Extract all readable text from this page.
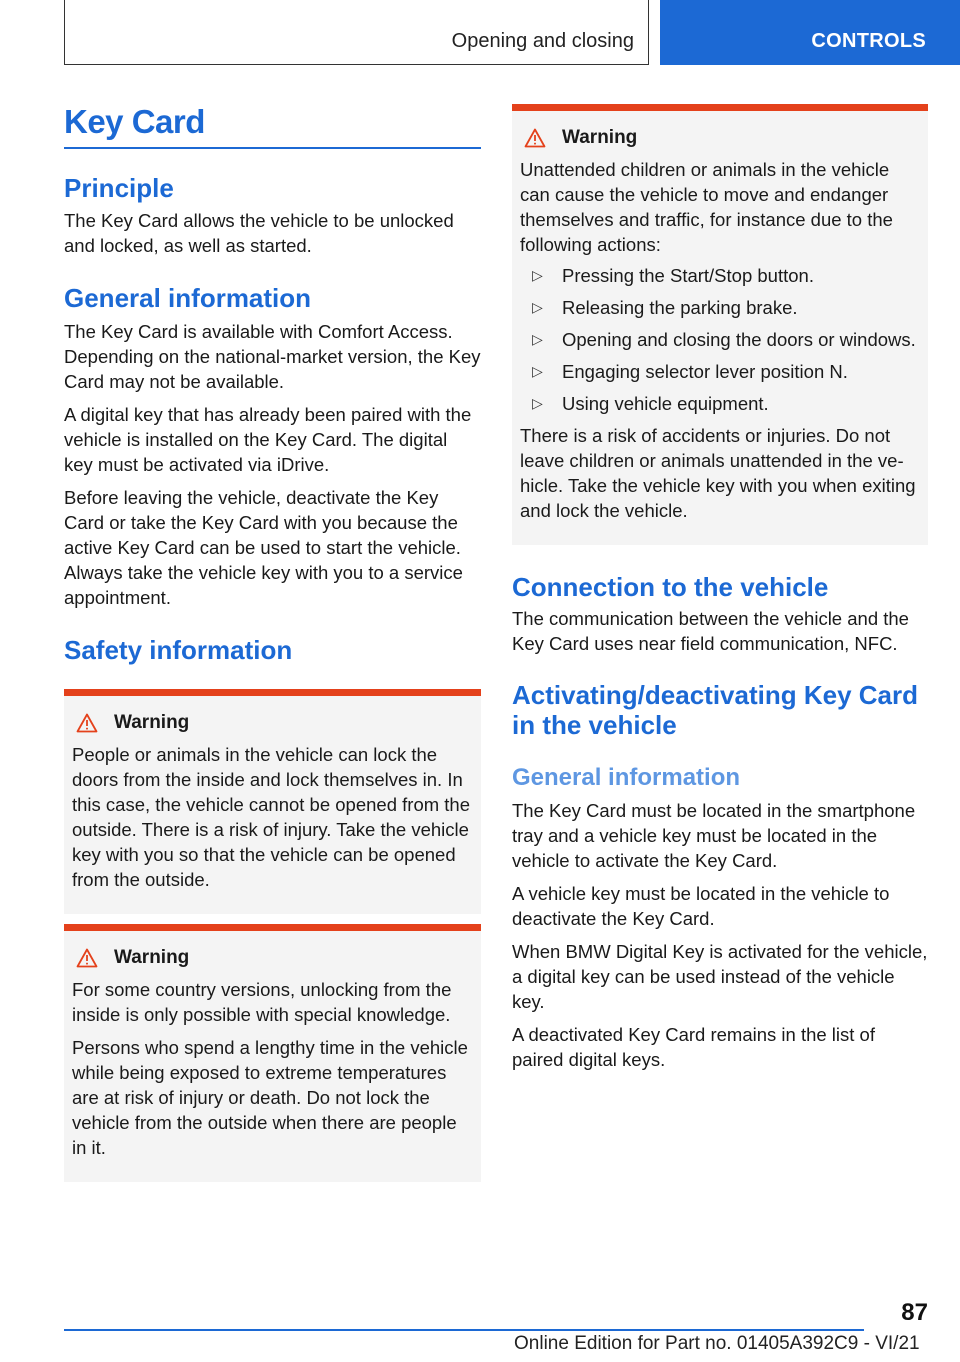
Opening and closing	CONTROLS
Key Card
Principle

The Key Card allows the vehicle to be unlocked and locked, as well as started.

General information

The Key Card is available with Comfort Access. Depending on the national-market version, the Key Card may not be available.

A digital key that has already been paired with the vehicle is installed on the Key Card. The digital key must be activated via iDrive.

Before leaving the vehicle, deactivate the Key Card or take the Key Card with you because the active Key Card can be used to start the vehicle. Always take the vehicle key with you to a service appointment.

Safety information
Warning

People or animals in the vehicle can lock the doors from the inside and lock themselves in. In this case, the vehicle cannot be opened from the outside. There is a risk of injury. Take the vehicle key with you so that the vehicle can be opened from the outside.

Warning

For some country versions, unlocking from the inside is only possible with special knowledge.

Persons who spend a lengthy time in the vehicle while being exposed to extreme temperatures are at risk of injury or death. Do not lock the vehicle from the outside when there are people in it.

Warning

Unattended children or animals in the vehicle can cause the vehicle to move and endanger themselves and traffic, for instance due to the following actions:

▷ Pressing the Start/Stop button.
▷ Releasing the parking brake.
▷ Opening and closing the doors or windows.
▷ Engaging selector lever position N.
▷ Using vehicle equipment.

There is a risk of accidents or injuries. Do not leave children or animals unattended in the vehicle. Take the vehicle key with you when exiting and lock the vehicle.

Connection to the vehicle

The communication between the vehicle and the Key Card uses near field communication, NFC.

Activating/deactivating Key Card in the vehicle
General information

The Key Card must be located in the smartphone tray and a vehicle key must be located in the vehicle to activate the Key Card.

A vehicle key must be located in the vehicle to deactivate the Key Card.

When BMW Digital Key is activated for the vehicle, a digital key can be used instead of the vehicle key.

A deactivated Key Card remains in the list of paired digital keys.

87
Online Edition for Part no. 01405A392C9 - VI/21
